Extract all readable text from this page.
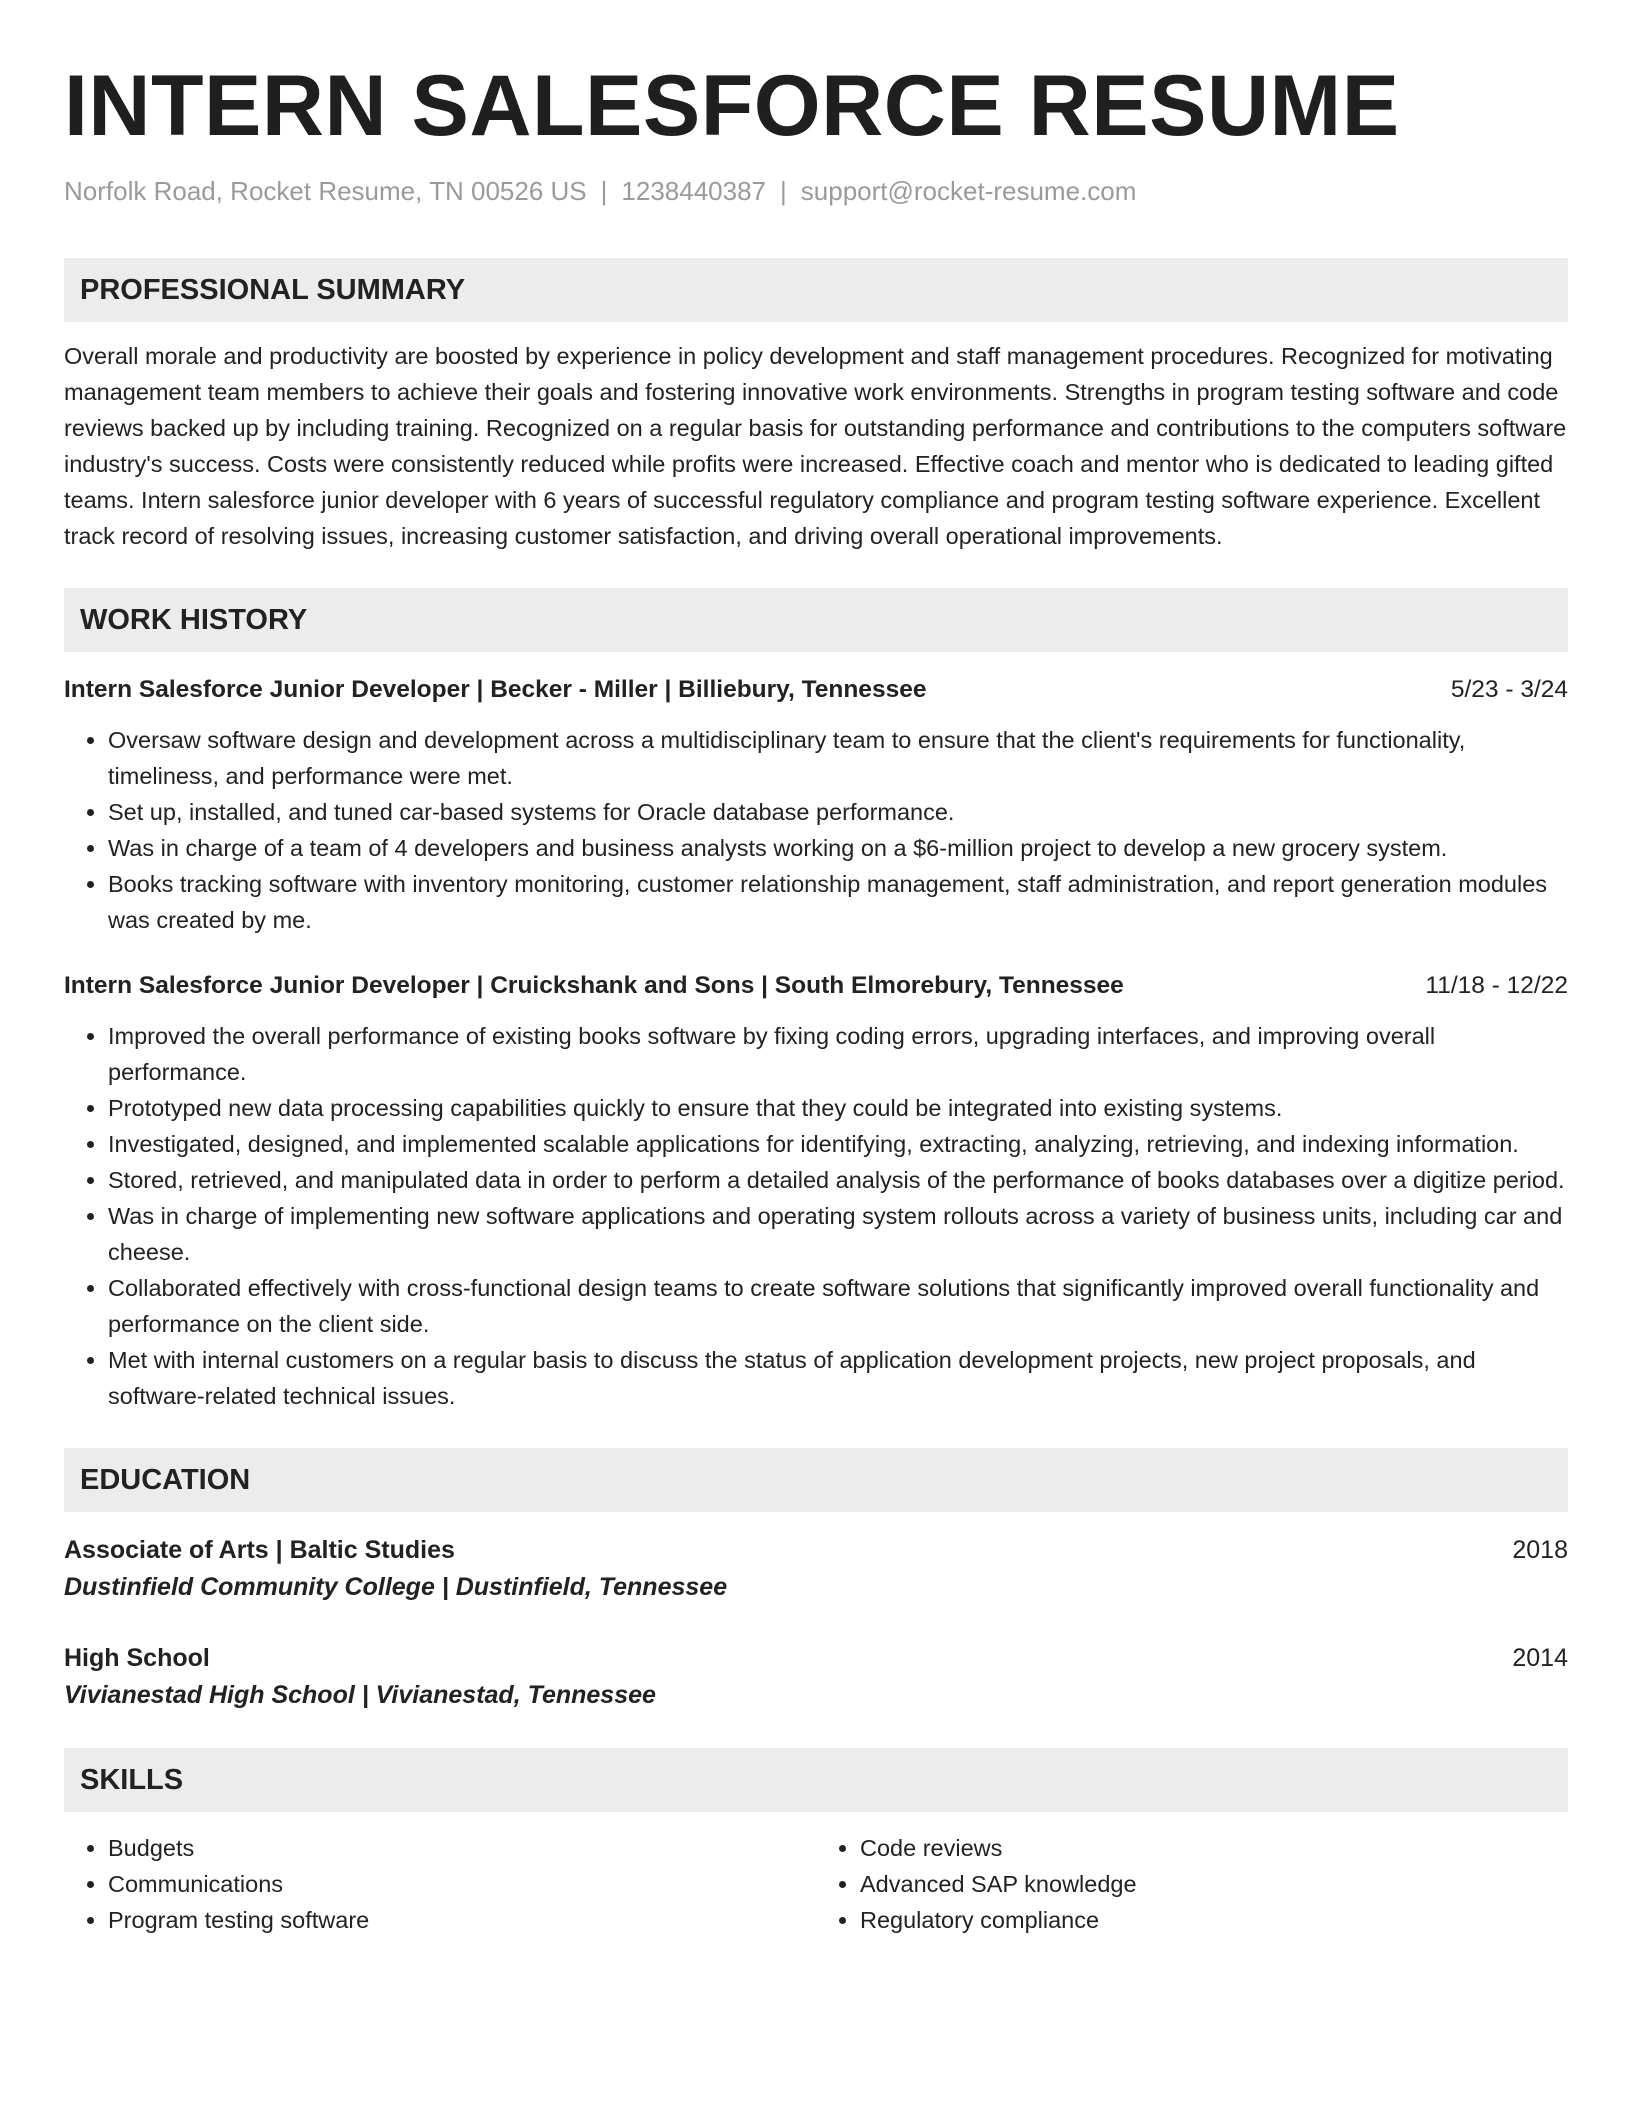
INTERN SALESFORCE RESUME
Norfolk Road, Rocket Resume, TN 00526 US | 1238440387 | support@rocket-resume.com
PROFESSIONAL SUMMARY
Overall morale and productivity are boosted by experience in policy development and staff management procedures. Recognized for motivating management team members to achieve their goals and fostering innovative work environments. Strengths in program testing software and code reviews backed up by including training. Recognized on a regular basis for outstanding performance and contributions to the computers software industry's success. Costs were consistently reduced while profits were increased. Effective coach and mentor who is dedicated to leading gifted teams. Intern salesforce junior developer with 6 years of successful regulatory compliance and program testing software experience. Excellent track record of resolving issues, increasing customer satisfaction, and driving overall operational improvements.
WORK HISTORY
Intern Salesforce Junior Developer | Becker - Miller | Billiebury, Tennessee	5/23 - 3/24
• Oversaw software design and development across a multidisciplinary team to ensure that the client's requirements for functionality, timeliness, and performance were met.
• Set up, installed, and tuned car-based systems for Oracle database performance.
• Was in charge of a team of 4 developers and business analysts working on a $6-million project to develop a new grocery system.
• Books tracking software with inventory monitoring, customer relationship management, staff administration, and report generation modules was created by me.
Intern Salesforce Junior Developer | Cruickshank and Sons | South Elmorebury, Tennessee	11/18 - 12/22
• Improved the overall performance of existing books software by fixing coding errors, upgrading interfaces, and improving overall performance.
• Prototyped new data processing capabilities quickly to ensure that they could be integrated into existing systems.
• Investigated, designed, and implemented scalable applications for identifying, extracting, analyzing, retrieving, and indexing information.
• Stored, retrieved, and manipulated data in order to perform a detailed analysis of the performance of books databases over a digitize period.
• Was in charge of implementing new software applications and operating system rollouts across a variety of business units, including car and cheese.
• Collaborated effectively with cross-functional design teams to create software solutions that significantly improved overall functionality and performance on the client side.
• Met with internal customers on a regular basis to discuss the status of application development projects, new project proposals, and software-related technical issues.
EDUCATION
Associate of Arts | Baltic Studies	2018
Dustinfield Community College | Dustinfield, Tennessee
High School	2014
Vivianestad High School | Vivianestad, Tennessee
SKILLS
• Budgets
• Communications
• Program testing software
• Code reviews
• Advanced SAP knowledge
• Regulatory compliance
